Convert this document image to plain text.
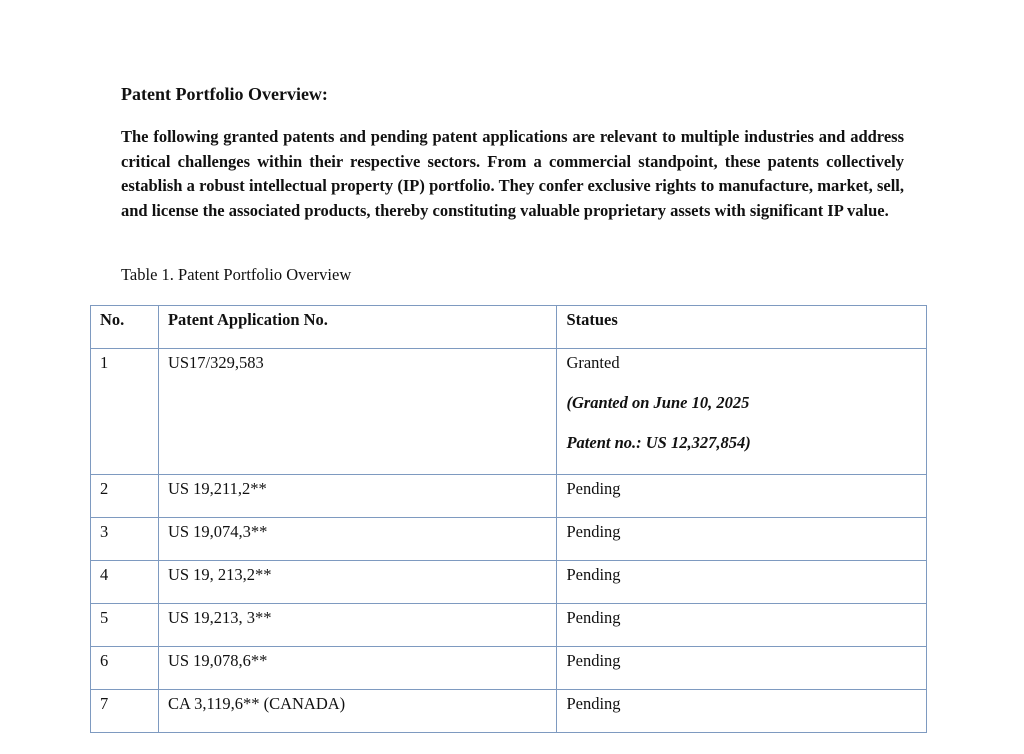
Patent Portfolio Overview:

The following granted patents and pending patent applications are relevant to multiple industries and address critical challenges within their respective sectors. From a commercial standpoint, these patents collectively establish a robust intellectual property (IP) portfolio. They confer exclusive rights to manufacture, market, sell, and license the associated products, thereby constituting valuable proprietary assets with significant IP value.

Table 1. Patent Portfolio Overview

No.	Patent Application No.	Statues
1	US17/329,583	Granted
(Granted on June 10, 2025
Patent no.: US 12,327,854)

2	US 19,211,2**	Pending
3	US 19,074,3**	Pending
4	US 19, 213,2**	Pending
5	US 19,213, 3**	Pending
6	US 19,078,6**	Pending
7	CA 3,119,6** (CANADA)	Pending
